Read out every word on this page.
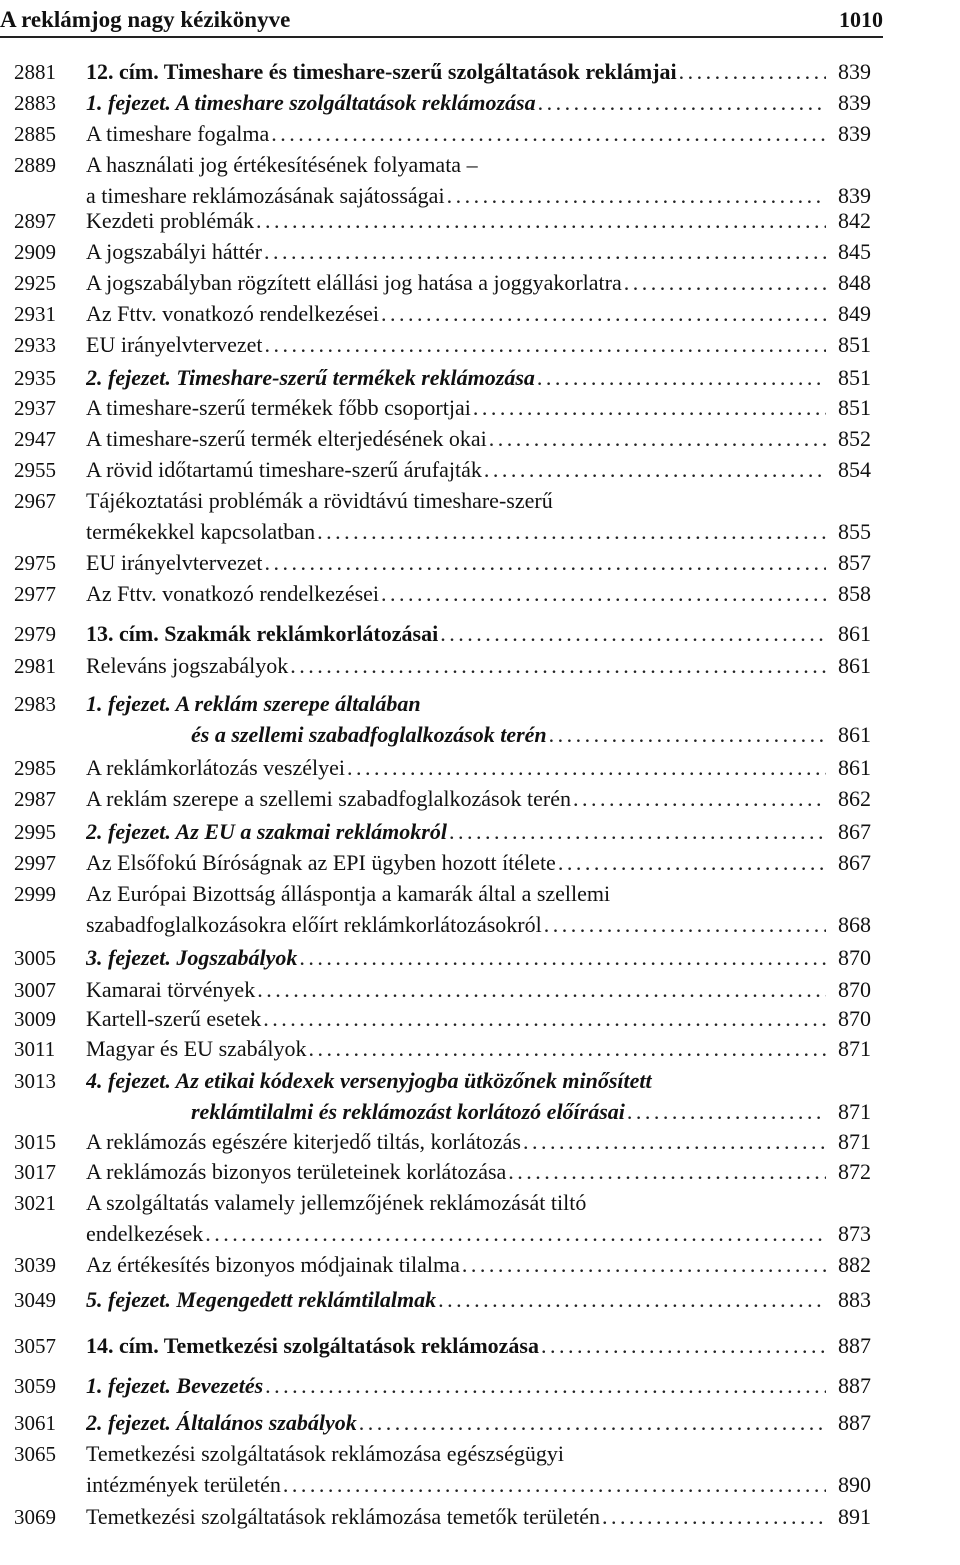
A reklámjog nagy kézikönyve	1010
2881	12. cím. Timeshare és timeshare-szerű szolgáltatások reklámjai . . .	839
2883	1. fejezet. A timeshare szolgáltatások reklámozása . . .	839
2885	A timeshare fogalma . . .	839
2889	A használati jog értékesítésének folyamata –
a timeshare reklámozásának sajátosságai . . .	839
2897	Kezdeti problémák . . .	842
2909	A jogszabályi háttér . . .	845
2925	A jogszabályban rögzített elállási jog hatása a joggyakorlatra . . .	848
2931	Az Fttv. vonatkozó rendelkezései . . .	849
2933	EU irányelvtervezet . . .	851
2935	2. fejezet. Timeshare-szerű termékek reklámozása . . .	851
2937	A timeshare-szerű termékek főbb csoportjai . . .	851
2947	A timeshare-szerű termék elterjedésének okai . . .	852
2955	A rövid időtartamú timeshare-szerű árufajták . . .	854
2967	Tájékoztatási problémák a rövidtávú timeshare-szerű
termékekkel kapcsolatban . . .	855
2975	EU irányelvtervezet . . .	857
2977	Az Fttv. vonatkozó rendelkezései . . .	858
2979	13. cím. Szakmák reklámkorlátozásai . . .	861
2981	Releváns jogszabályok . . .	861
2983	1. fejezet. A reklám szerepe általában
és a szellemi szabadfoglalkozások terén . . .	861
2985	A reklámkorlátozás veszélyei . . .	861
2987	A reklám szerepe a szellemi szabadfoglalkozások terén . . .	862
2995	2. fejezet. Az EU a szakmai reklámokról . . .	867
2997	Az Elsőfokú Bíróságnak az EPI ügyben hozott ítélete . . .	867
2999	Az Európai Bizottság álláspontja a kamarák által a szellemi
szabadfoglalkozásokra előírt reklámkorlátozásokról . . .	868
3005	3. fejezet. Jogszabályok . . .	870
3007	Kamarai törvények . . .	870
3009	Kartell-szerű esetek . . .	870
3011	Magyar és EU szabályok . . .	871
3013	4. fejezet. Az etikai kódexek versenyjogba ütközőnek minősített
reklámtilalmi és reklámozást korlátozó előírásai . . .	871
3015	A reklámozás egészére kiterjedő tiltás, korlátozás . . .	871
3017	A reklámozás bizonyos területeinek korlátozása . . .	872
3021	A szolgáltatás valamely jellemzőjének reklámozását tiltó
endelkezések . . .	873
3039	Az értékesítés bizonyos módjainak tilalma . . .	882
3049	5. fejezet. Megengedett reklámtilalmak . . .	883
3057	14. cím. Temetkezési szolgáltatások reklámozása . . .	887
3059	1. fejezet. Bevezetés . . .	887
3061	2. fejezet. Általános szabályok . . .	887
3065	Temetkezési szolgáltatások reklámozása egészségügyi
intézmények területén . . .	890
3069	Temetkezési szolgáltatások reklámozása temetők területén . . .	891
